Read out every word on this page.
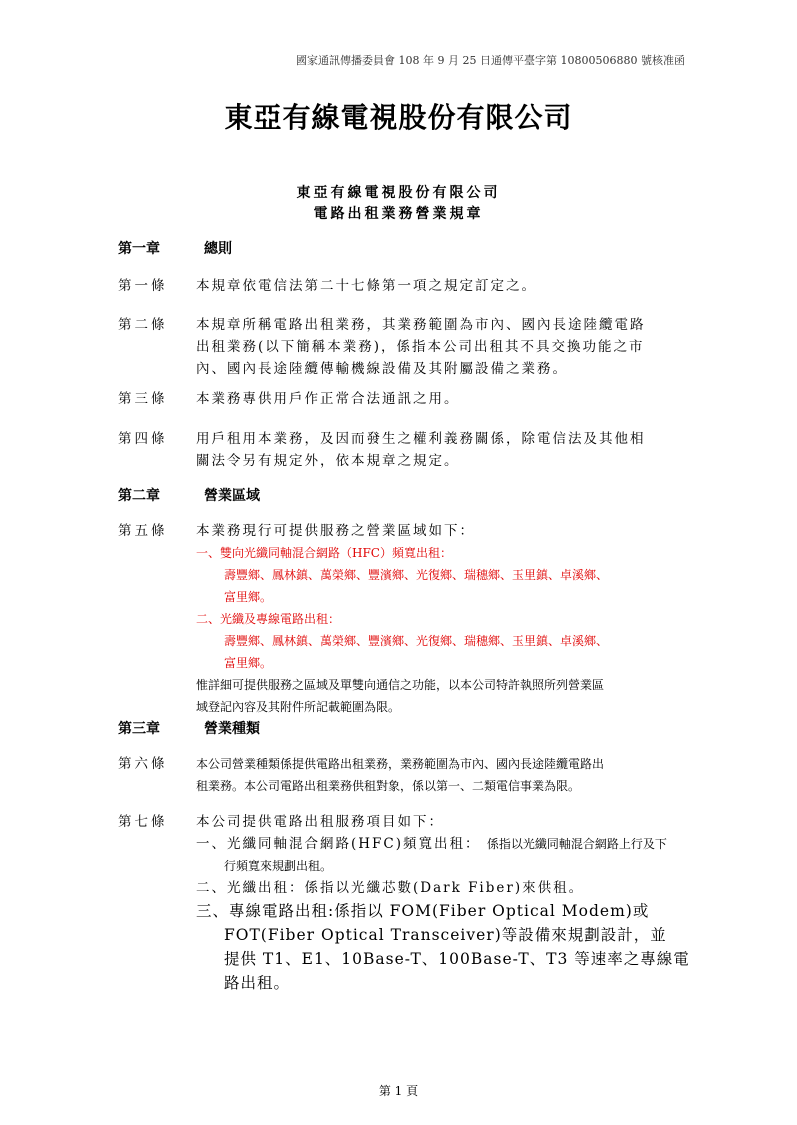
國家通訊傳播委員會 108 年 9 月 25 日通傳平臺字第 10800506880 號核准函
東亞有線電視股份有限公司
東亞有線電視股份有限公司
電路出租業務營業規章
第一章	總則
第一條	本規章依電信法第二十七條第一項之規定訂定之。
第二條	本規章所稱電路出租業務，其業務範圍為市內、國內長途陸纜電路
出租業務(以下簡稱本業務)，係指本公司出租其不具交換功能之市
內、國內長途陸纜傳輸機線設備及其附屬設備之業務。
第三條	本業務專供用戶作正常合法通訊之用。
第四條	用戶租用本業務，及因而發生之權利義務關係，除電信法及其他相
關法令另有規定外，依本規章之規定。
第二章	營業區域
第五條	本業務現行可提供服務之營業區域如下：
一、雙向光纖同軸混合網路（HFC）頻寬出租：
壽豐鄉、鳳林鎮、萬榮鄉、豐濱鄉、光復鄉、瑞穗鄉、玉里鎮、卓溪鄉、
富里鄉。
二、光纖及專線電路出租：
壽豐鄉、鳳林鎮、萬榮鄉、豐濱鄉、光復鄉、瑞穗鄉、玉里鎮、卓溪鄉、
富里鄉。
惟詳細可提供服務之區域及單雙向通信之功能，以本公司特許執照所列營業區
域登記內容及其附件所記載範圍為限。
第三章	營業種類
第六條	本公司營業種類係提供電路出租業務，業務範圍為市內、國內長途陸纜電路出
租業務。本公司電路出租業務供租對象，係以第一、二類電信事業為限。
第七條	本公司提供電路出租服務項目如下：
一、光纖同軸混合網路(HFC)頻寬出租： 係指以光纖同軸混合網路上行及下
行頻寬來規劃出租。
二、光纖出租：係指以光纖芯數(Dark Fiber)來供租。
三、專線電路出租:係指以 FOM(Fiber Optical Modem)或
FOT(Fiber Optical Transceiver)等設備來規劃設計，並
提供 T1、E1、10Base-T、100Base-T、T3 等速率之專線電
路出租。
第 1 頁
